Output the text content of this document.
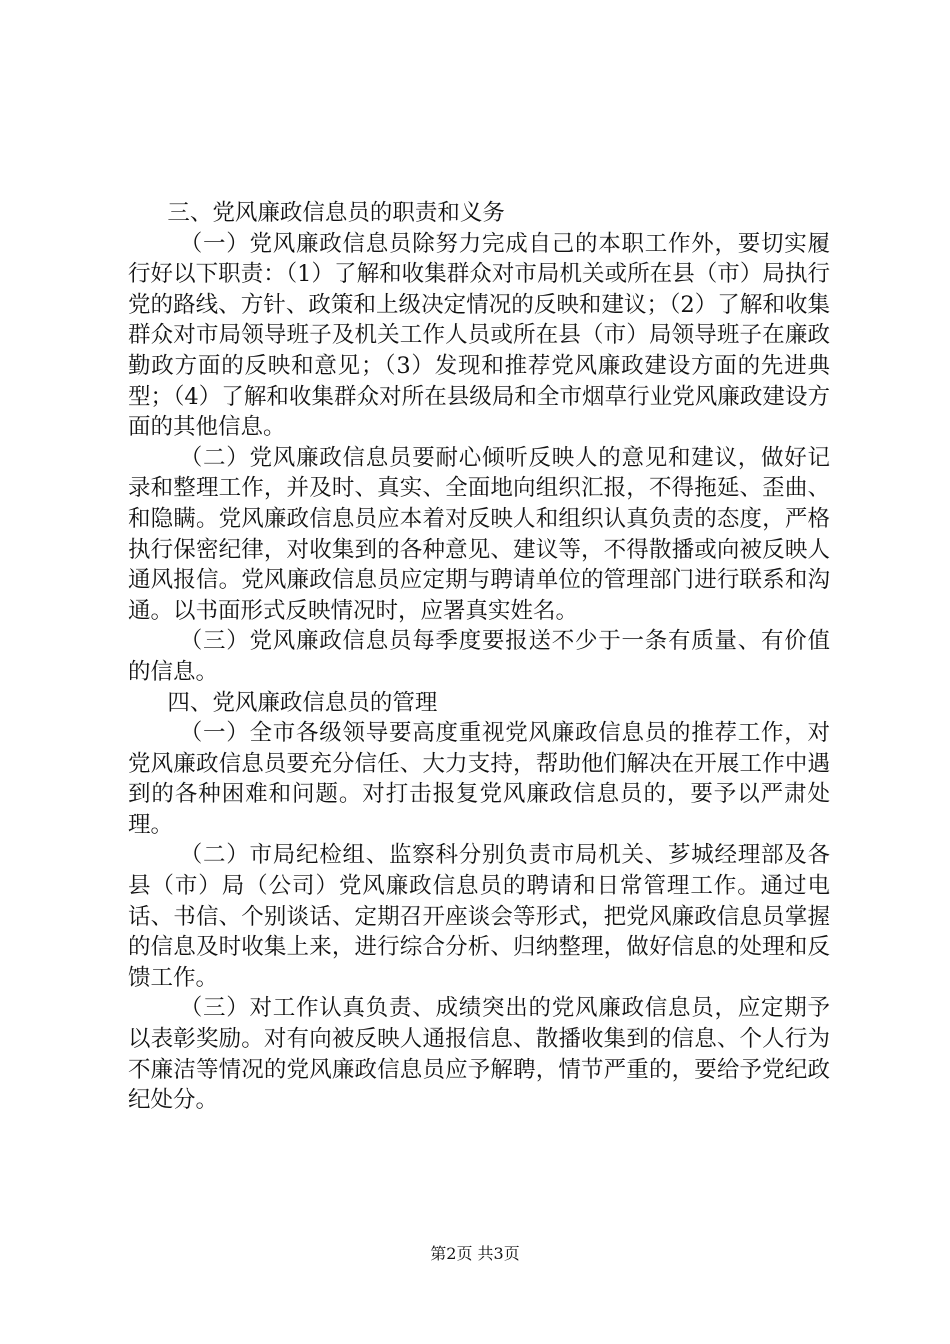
三、党风廉政信息员的职责和义务

（一）党风廉政信息员除努力完成自己的本职工作外，要切实履行好以下职责：（1）了解和收集群众对市局机关或所在县（市）局执行党的路线、方针、政策和上级决定情况的反映和建议；（2）了解和收集群众对市局领导班子及机关工作人员或所在县（市）局领导班子在廉政勤政方面的反映和意见；（3）发现和推荐党风廉政建设方面的先进典型；（4）了解和收集群众对所在县级局和全市烟草行业党风廉政建设方面的其他信息。

（二）党风廉政信息员要耐心倾听反映人的意见和建议，做好记录和整理工作，并及时、真实、全面地向组织汇报，不得拖延、歪曲、和隐瞒。党风廉政信息员应本着对反映人和组织认真负责的态度，严格执行保密纪律，对收集到的各种意见、建议等，不得散播或向被反映人通风报信。党风廉政信息员应定期与聘请单位的管理部门进行联系和沟通。以书面形式反映情况时，应署真实姓名。

（三）党风廉政信息员每季度要报送不少于一条有质量、有价值的信息。

四、党风廉政信息员的管理

（一）全市各级领导要高度重视党风廉政信息员的推荐工作，对党风廉政信息员要充分信任、大力支持，帮助他们解决在开展工作中遇到的各种困难和问题。对打击报复党风廉政信息员的，要予以严肃处理。

（二）市局纪检组、监察科分别负责市局机关、芗城经理部及各县（市）局（公司）党风廉政信息员的聘请和日常管理工作。通过电话、书信、个别谈话、定期召开座谈会等形式，把党风廉政信息员掌握的信息及时收集上来，进行综合分析、归纳整理，做好信息的处理和反馈工作。

（三）对工作认真负责、成绩突出的党风廉政信息员，应定期予以表彰奖励。对有向被反映人通报信息、散播收集到的信息、个人行为不廉洁等情况的党风廉政信息员应予解聘，情节严重的，要给予党纪政纪处分。

第2页 共3页
